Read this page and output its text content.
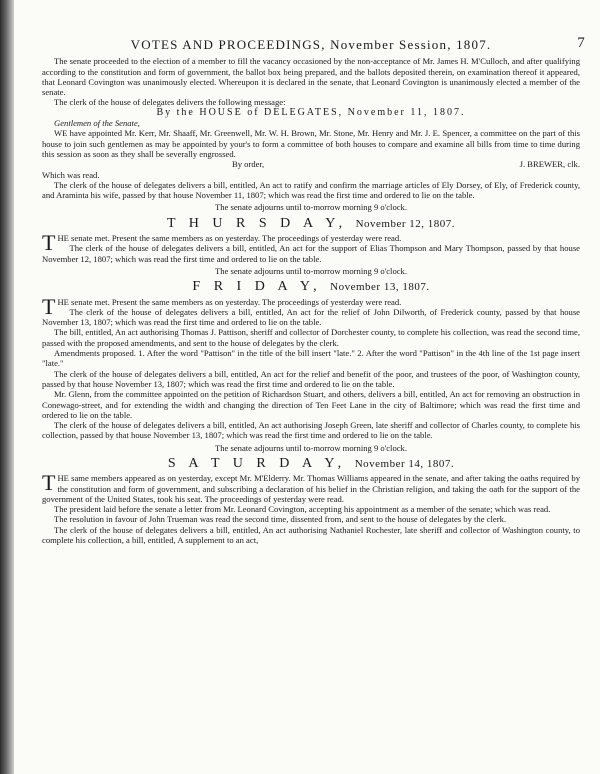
VOTES AND PROCEEDINGS, November Session, 1807.	7

The senate proceeded to the election of a member to fill the vacancy occasioned by the non-acceptance of Mr. James H. M'Culloch, and after qualifying according to the constitution and form of government, the ballot box being prepared, and the ballots deposited therein, on examination thereof it appeared, that Leonard Covington was unanimously elected. Whereupon it is declared in the senate, that Leonard Covington is unanimously elected a member of the senate.

The clerk of the house of delegates delivers the following message:

By the HOUSE of DELEGATES, November 11, 1807.

Gentlemen of the Senate,

WE have appointed Mr. Kerr, Mr. Shaaff, Mr. Greenwell, Mr. W. H. Brown, Mr. Stone, Mr. Henry and Mr. J. E. Spencer, a committee on the part of this house to join such gentlemen as may be appointed by your's to form a committee of both houses to compare and examine all bills from time to time during this session as soon as they shall be severally engrossed.

By order,	J. BREWER, clk.

Which was read.

The clerk of the house of delegates delivers a bill, entitled, An act to ratify and confirm the marriage articles of Ely Dorsey, of Ely, of Frederick county, and Araminta his wife, passed by that house November 11, 1807; which was read the first time and ordered to lie on the table.

The senate adjourns until to-morrow morning 9 o'clock.

T H U R S D A Y, November 12, 1807.

THE senate met. Present the same members as on yesterday. The proceedings of yesterday were read.

The clerk of the house of delegates delivers a bill, entitled, An act for the support of Elias Thompson and Mary Thompson, passed by that house November 12, 1807; which was read the first time and ordered to lie on the table.

The senate adjourns until to-morrow morning 9 o'clock.

F R I D A Y, November 13, 1807.

THE senate met. Present the same members as on yesterday. The proceedings of yesterday were read.

The clerk of the house of delegates delivers a bill, entitled, An act for the relief of John Dilworth, of Frederick county, passed by that house November 13, 1807; which was read the first time and ordered to lie on the table.

The bill, entitled, An act authorising Thomas J. Pattison, sheriff and collector of Dorchester county, to complete his collection, was read the second time, passed with the proposed amendments, and sent to the house of delegates by the clerk.

Amendments proposed. 1. After the word "Pattison" in the title of the bill insert "late." 2. After the word "Pattison" in the 4th line of the 1st page insert "late."

The clerk of the house of delegates delivers a bill, entitled, An act for the relief and benefit of the poor, and trustees of the poor, of Washington county, passed by that house November 13, 1807; which was read the first time and ordered to lie on the table.

Mr. Glenn, from the committee appointed on the petition of Richardson Stuart, and others, delivers a bill, entitled, An act for removing an obstruction in Conewago-street, and for extending the width and changing the direction of Ten Feet Lane in the city of Baltimore; which was read the first time and ordered to lie on the table.

The clerk of the house of delegates delivers a bill, entitled, An act authorising Joseph Green, late sheriff and collector of Charles county, to complete his collection, passed by that house November 13, 1807; which was read the first time and ordered to lie on the table.

The senate adjourns until to-morrow morning 9 o'clock.

S A T U R D A Y, November 14, 1807.

THE same members appeared as on yesterday, except Mr. M'Elderry. Mr. Thomas Williams appeared in the senate, and after taking the oaths required by the constitution and form of government, and subscribing a declaration of his belief in the Christian religion, and taking the oath for the support of the government of the United States, took his seat. The proceedings of yesterday were read.

The president laid before the senate a letter from Mr. Leonard Covington, accepting his appointment as a member of the senate; which was read.

The resolution in favour of John Trueman was read the second time, dissented from, and sent to the house of delegates by the clerk.

The clerk of the house of delegates delivers a bill, entitled, An act authorising Nathaniel Rochester, late sheriff and collector of Washington county, to complete his collection, a bill, entitled, A supplement to an act,
